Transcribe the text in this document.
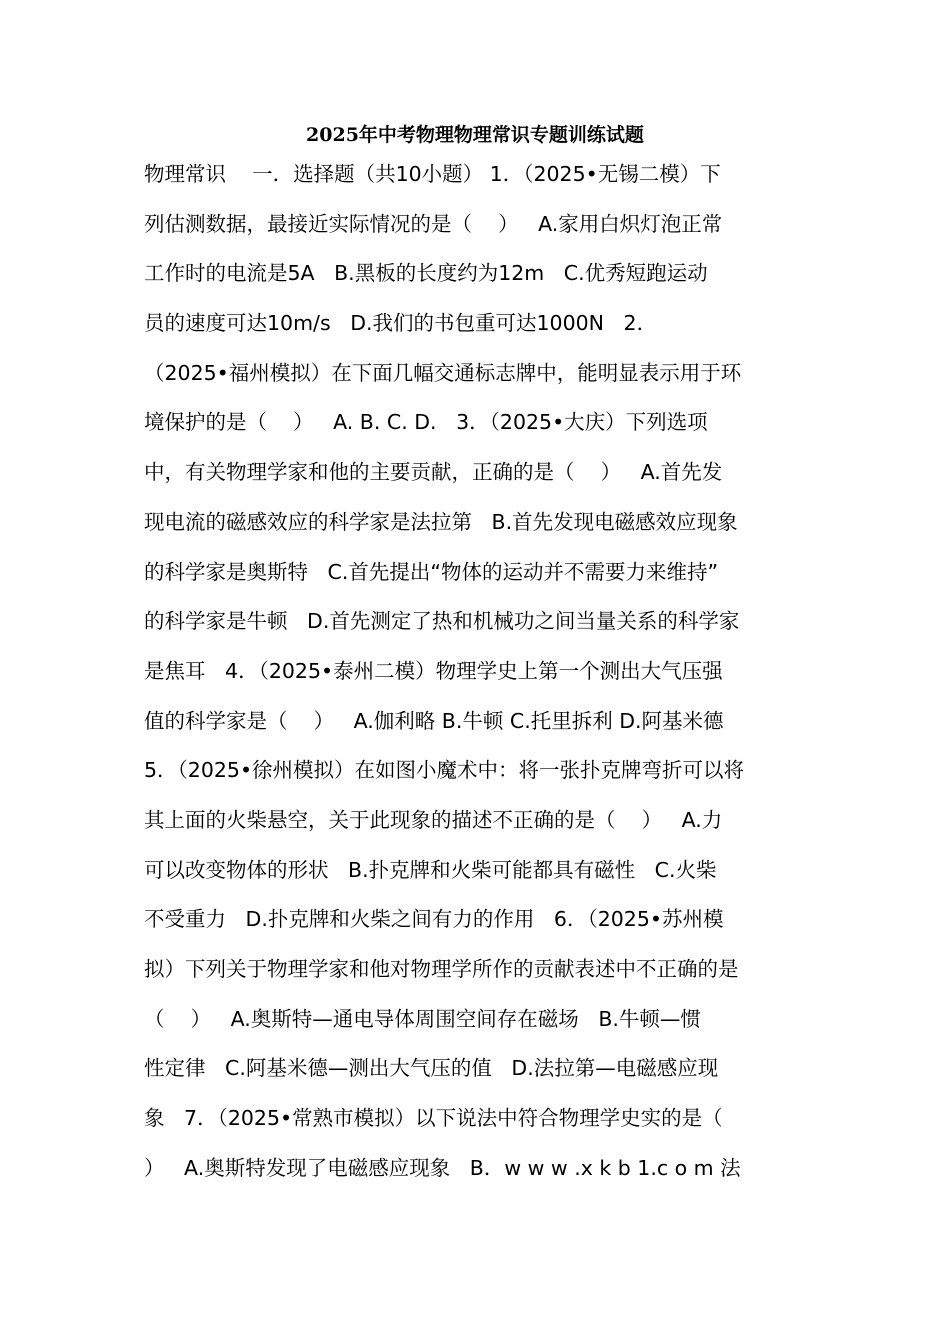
2025年中考物理物理常识专题训练试题
物理常识    一．选择题（共10小题） 1．（2025•无锡二模）下
列估测数据，最接近实际情况的是（    ）   A.家用白炽灯泡正常
工作时的电流是5A   B.黑板的长度约为12m   C.优秀短跑运动
员的速度可达10m/s   D.我们的书包重可达1000N   2．
（2025•福州模拟）在下面几幅交通标志牌中，能明显表示用于环
境保护的是（    ）   A. B. C. D.   3．（2025•大庆）下列选项
中，有关物理学家和他的主要贡献，正确的是（    ）   A.首先发
现电流的磁感效应的科学家是法拉第   B.首先发现电磁感效应现象
的科学家是奥斯特   C.首先提出“物体的运动并不需要力来维持”
的科学家是牛顿   D.首先测定了热和机械功之间当量关系的科学家
是焦耳   4．（2025•泰州二模）物理学史上第一个测出大气压强
值的科学家是（    ）   A.伽利略 B.牛顿 C.托里拆利 D.阿基米德
5．（2025•徐州模拟）在如图小魔术中：将一张扑克牌弯折可以将
其上面的火柴悬空，关于此现象的描述不正确的是（    ）   A.力
可以改变物体的形状   B.扑克牌和火柴可能都具有磁性   C.火柴
不受重力   D.扑克牌和火柴之间有力的作用   6．（2025•苏州模
拟）下列关于物理学家和他对物理学所作的贡献表述中不正确的是
（    ）   A.奥斯特—通电导体周围空间存在磁场   B.牛顿—惯
性定律   C.阿基米德—测出大气压的值   D.法拉第—电磁感应现
象   7．（2025•常熟市模拟）以下说法中符合物理学史实的是（
）   A.奥斯特发现了电磁感应现象   B．w w w .x k b 1.c o m 法
